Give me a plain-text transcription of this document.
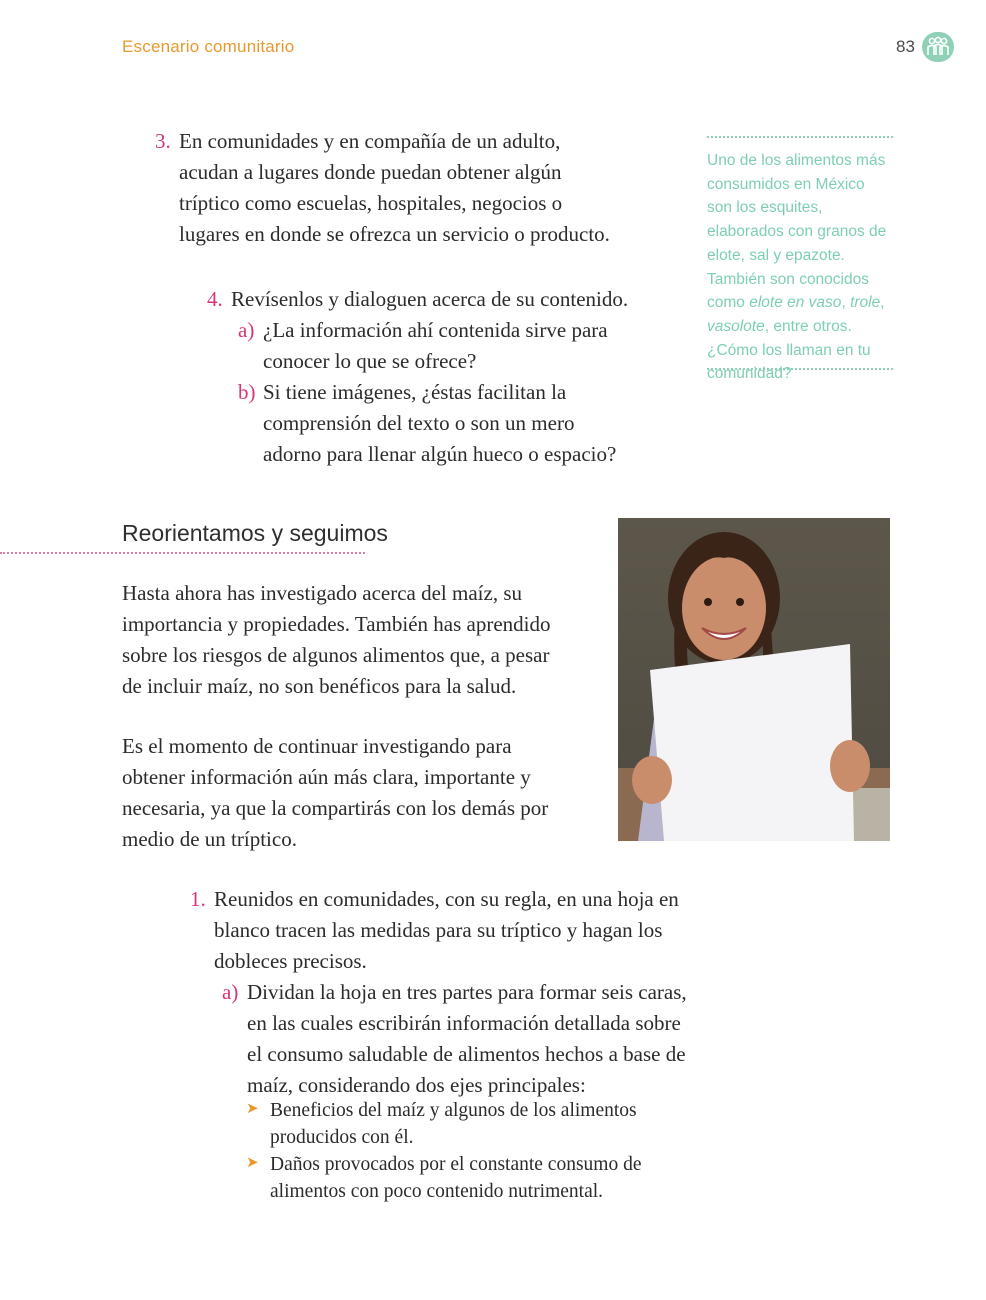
Escenario comunitario	83
3. En comunidades y en compañía de un adulto,

acudan a lugares donde puedan obtener algún

tríptico como escuelas, hospitales, negocios o

lugares en donde se ofrezca un servicio o producto.

4. Revísenlos y dialoguen acerca de su contenido.

a) ¿La información ahí contenida sirve para

conocer lo que se ofrece?

b) Si tiene imágenes, ¿éstas facilitan la

comprensión del texto o son un mero

adorno para llenar algún hueco o espacio?

Uno de los alimentos más consumidos en México son los esquites, elaborados con granos de elote, sal y epazote. También son conocidos como elote en vaso, trole, vasolote, entre otros. ¿Cómo los llaman en tu comunidad?
Reorientamos y seguimos

Hasta ahora has investigado acerca del maíz, su

importancia y propiedades. También has aprendido

sobre los riesgos de algunos alimentos que, a pesar

de incluir maíz, no son benéficos para la salud.

Es el momento de continuar investigando para

obtener información aún más clara, importante y

necesaria, ya que la compartirás con los demás por

medio de un tríptico.

1. Reunidos en comunidades, con su regla, en una hoja en

blanco tracen las medidas para su tríptico y hagan los

dobleces precisos.

a) Dividan la hoja en tres partes para formar seis caras,

en las cuales escribirán información detallada sobre

el consumo saludable de alimentos hechos a base de

maíz, considerando dos ejes principales:

➤ Beneficios del maíz y algunos de los alimentos

producidos con él.

➤ Daños provocados por el constante consumo de

alimentos con poco contenido nutrimental.
